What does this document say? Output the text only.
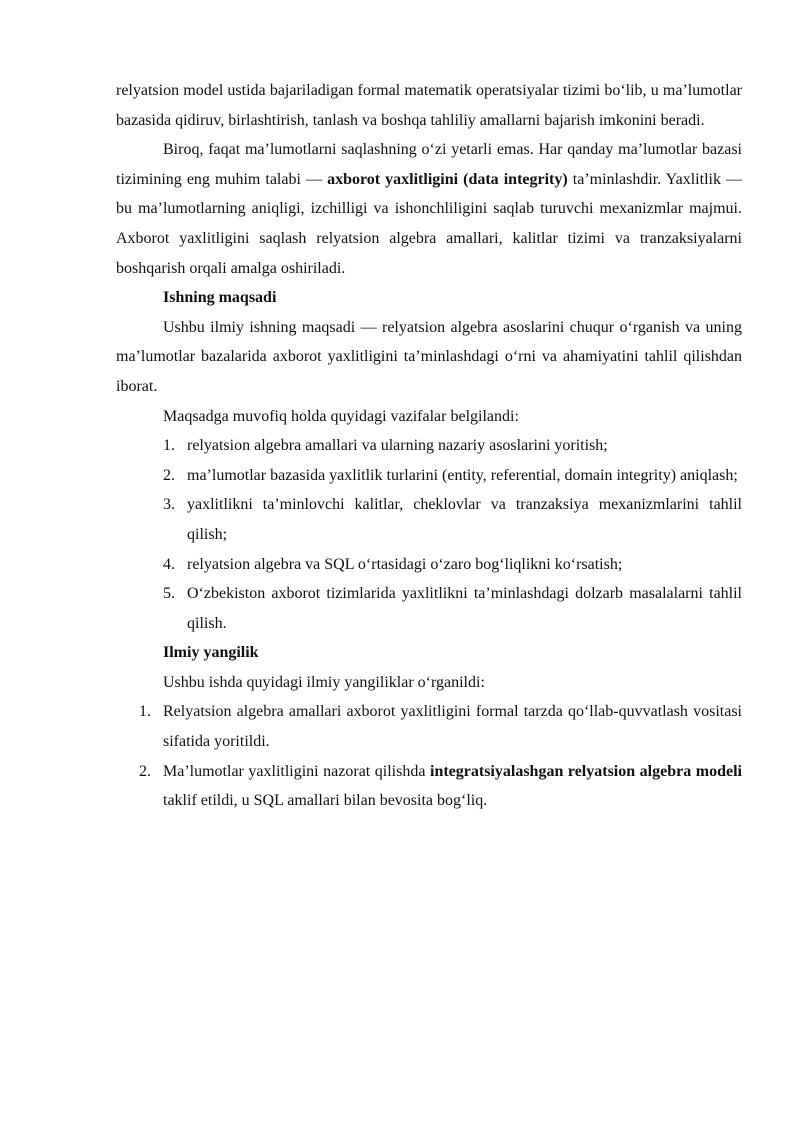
relyatsion model ustida bajariladigan formal matematik operatsiyalar tizimi bo‘lib, u ma’lumotlar bazasida qidiruv, birlashtirish, tanlash va boshqa tahliliy amallarni bajarish imkonini beradi.

Biroq, faqat ma’lumotlarni saqlashning o‘zi yetarli emas. Har qanday ma’lumotlar bazasi tizimining eng muhim talabi — axborot yaxlitligini (data integrity) ta’minlashdir. Yaxlitlik — bu ma’lumotlarning aniqligi, izchilligi va ishonchliligini saqlab turuvchi mexanizmlar majmui. Axborot yaxlitligini saqlash relyatsion algebra amallari, kalitlar tizimi va tranzaksiyalarni boshqarish orqali amalga oshiriladi.

Ishning maqsadi

Ushbu ilmiy ishning maqsadi — relyatsion algebra asoslarini chuqur o‘rganish va uning ma’lumotlar bazalarida axborot yaxlitligini ta’minlashdagi o‘rni va ahamiyatini tahlil qilishdan iborat.

Maqsadga muvofiq holda quyidagi vazifalar belgilandi:

1. relyatsion algebra amallari va ularning nazariy asoslarini yoritish;
2. ma’lumotlar bazasida yaxlitlik turlarini (entity, referential, domain integrity) aniqlash;
3. yaxlitlikni ta’minlovchi kalitlar, cheklovlar va tranzaksiya mexanizmlarini tahlil qilish;
4. relyatsion algebra va SQL o‘rtasidagi o‘zaro bog‘liqlikni ko‘rsatish;
5. O‘zbekiston axborot tizimlarida yaxlitlikni ta’minlashdagi dolzarb masalalarni tahlil qilish.
Ilmiy yangilik

Ushbu ishda quyidagi ilmiy yangiliklar o‘rganildi:

1. Relyatsion algebra amallari axborot yaxlitligini formal tarzda qo‘llab-quvvatlash vositasi sifatida yoritildi.
2. Ma’lumotlar yaxlitligini nazorat qilishda integratsiyalashgan relyatsion algebra modeli taklif etildi, u SQL amallari bilan bevosita bog‘liq.
